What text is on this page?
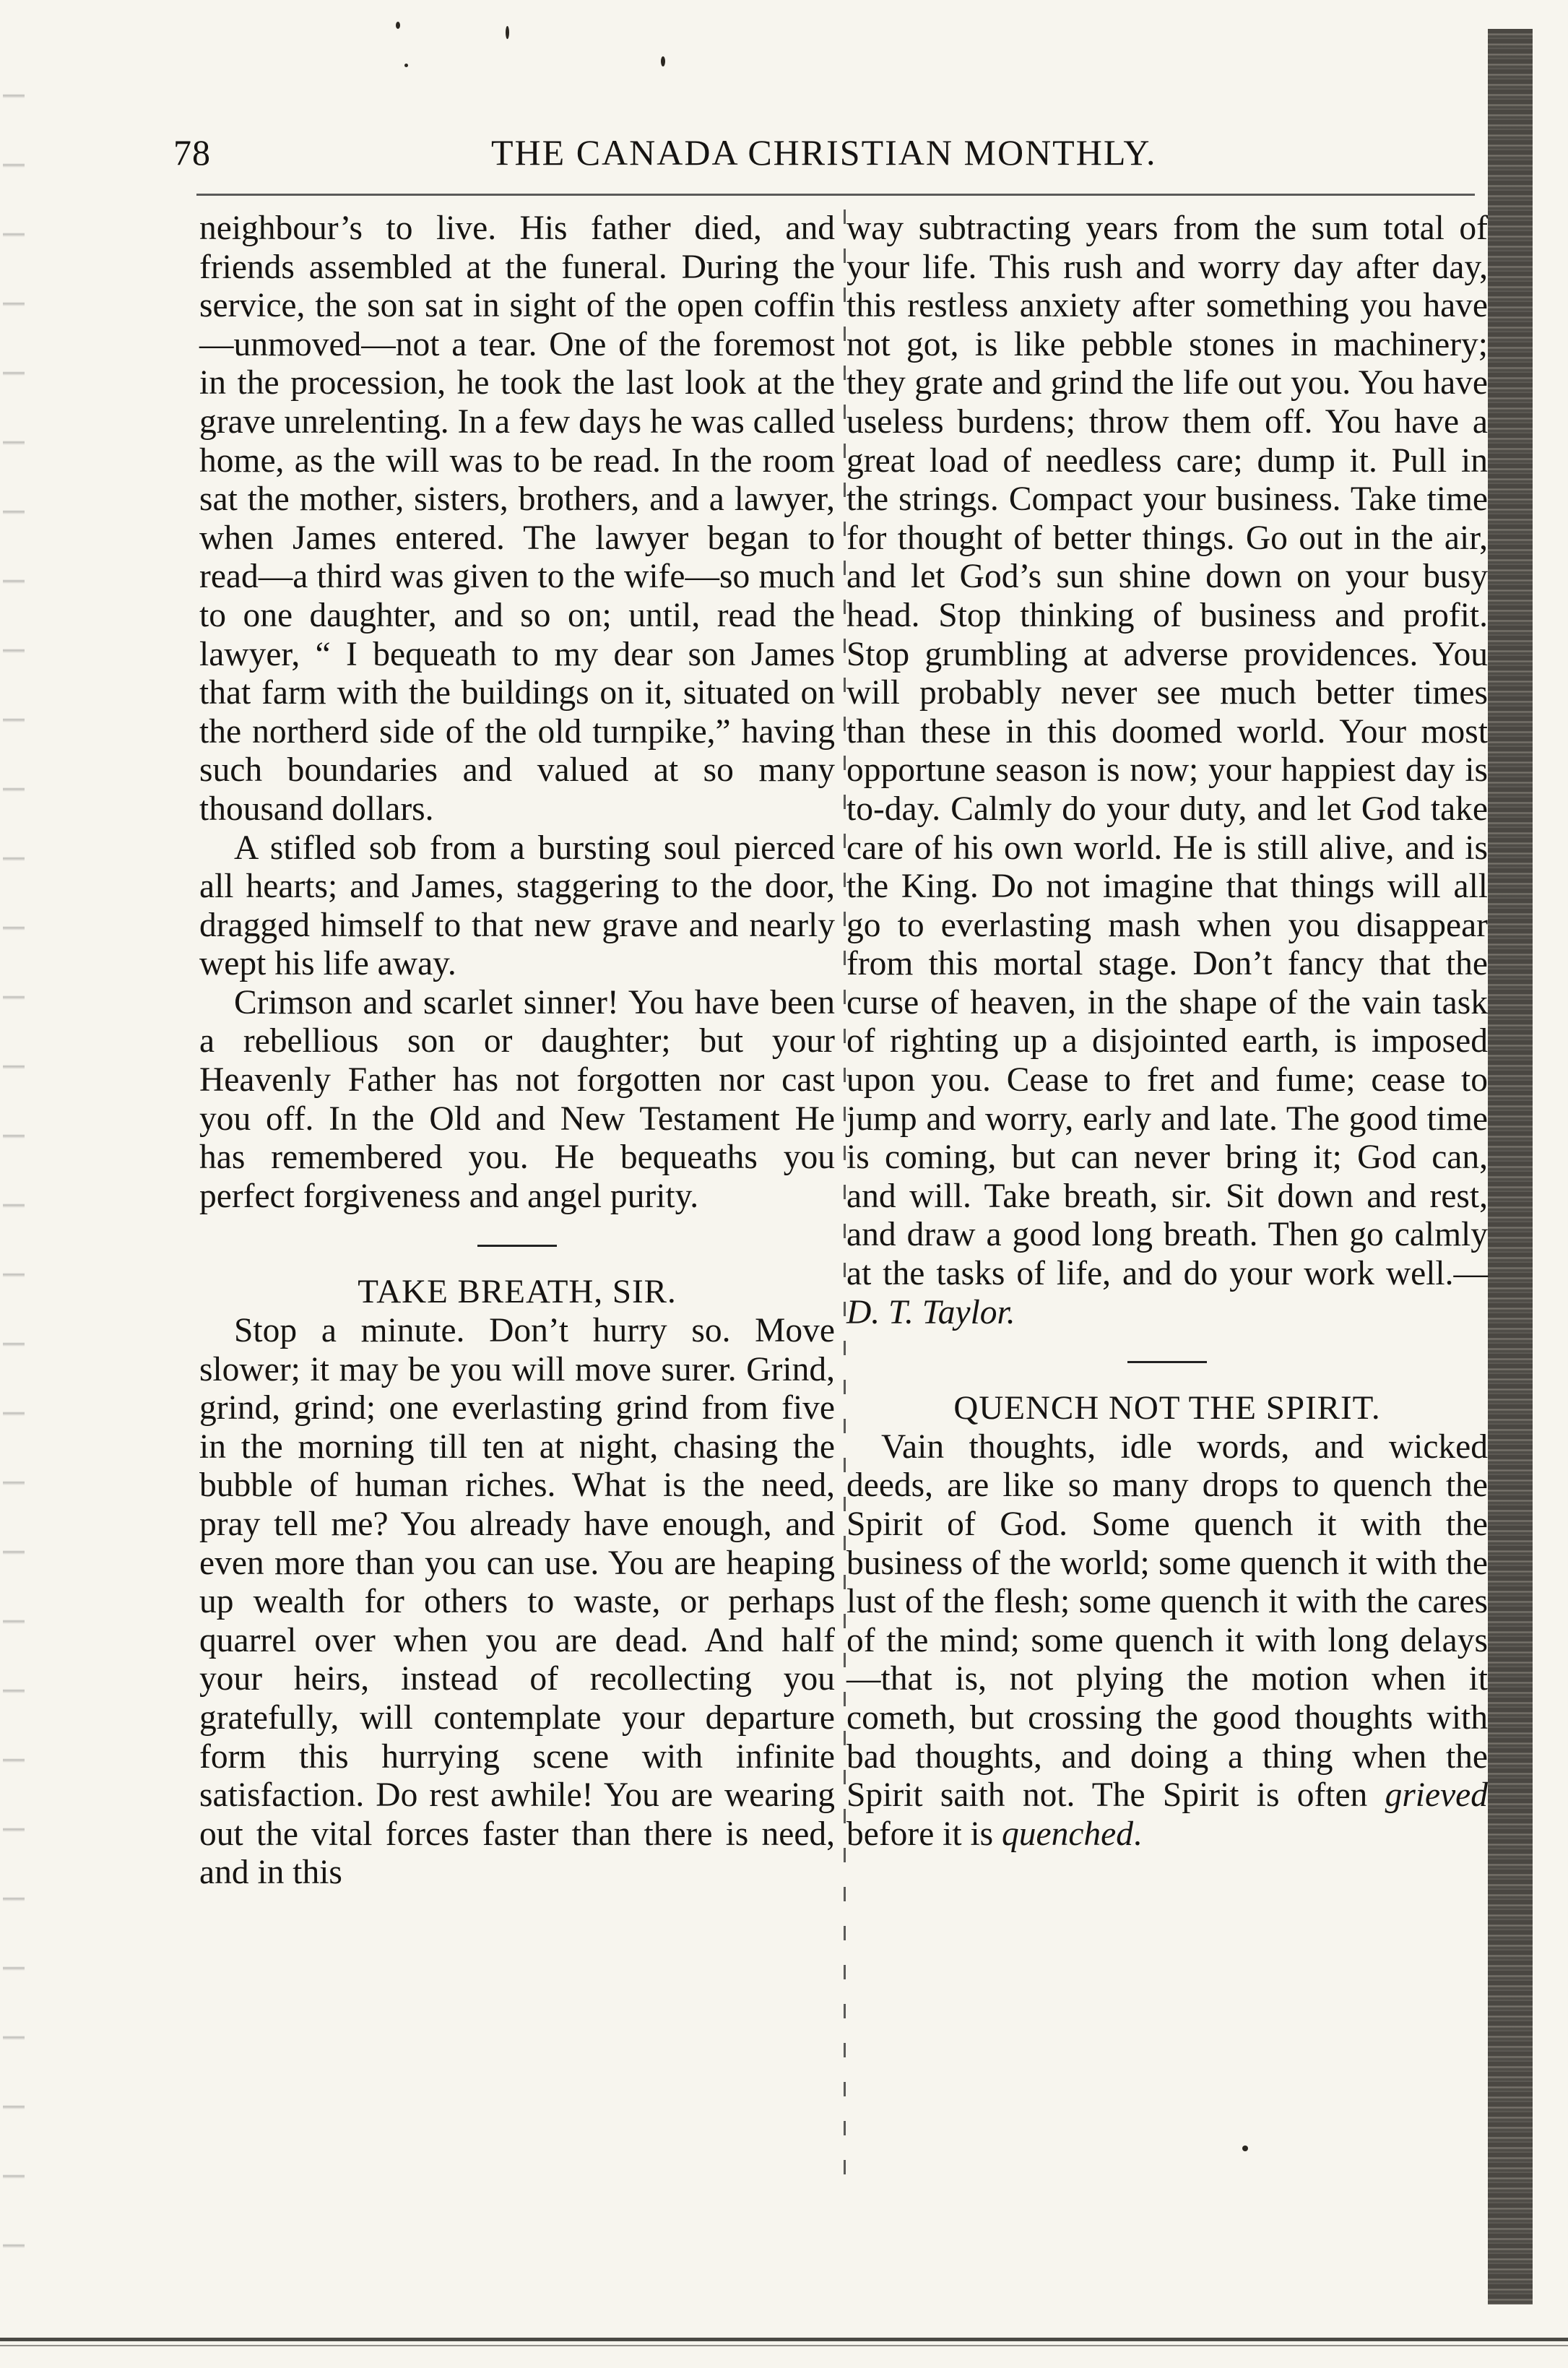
78	THE CANADA CHRISTIAN MONTHLY.

neighbour’s to live. His father died, and friends assembled at the funeral. During the service, the son sat in sight of the open coffin—unmoved—not a tear. One of the foremost in the procession, he took the last look at the grave unrelenting. In a few days he was called home, as the will was to be read. In the room sat the mother, sisters, brothers, and a lawyer, when James entered. The lawyer began to read—a third was given to the wife—so much to one daughter, and so on; until, read the lawyer, “ I bequeath to my dear son James that farm with the buildings on it, situated on the northerd side of the old turnpike,” having such boundaries and valued at so many thousand dollars.

A stifled sob from a bursting soul pierced all hearts; and James, staggering to the door, dragged himself to that new grave and nearly wept his life away.

Crimson and scarlet sinner! You have been a rebellious son or daughter; but your Heavenly Father has not forgotten nor cast you off. In the Old and New Testament He has remembered you. He bequeaths you perfect forgiveness and angel purity.

TAKE BREATH, SIR.

Stop a minute. Don’t hurry so. Move slower; it may be you will move surer. Grind, grind, grind; one everlasting grind from five in the morning till ten at night, chasing the bubble of human riches. What is the need, pray tell me? You already have enough, and even more than you can use. You are heaping up wealth for others to waste, or perhaps quarrel over when you are dead. And half your heirs, instead of recollecting you gratefully, will contemplate your departure form this hurrying scene with infinite satisfaction. Do rest awhile! You are wearing out the vital forces faster than there is need, and in this

way subtracting years from the sum total of your life. This rush and worry day after day, this restless anxiety after something you have not got, is like pebble stones in machinery; they grate and grind the life out you. You have useless burdens; throw them off. You have a great load of needless care; dump it. Pull in the strings. Compact your business. Take time for thought of better things. Go out in the air, and let God’s sun shine down on your busy head. Stop thinking of business and profit. Stop grumbling at adverse providences. You will probably never see much better times than these in this doomed world. Your most opportune season is now; your happiest day is to-day. Calmly do your duty, and let God take care of his own world. He is still alive, and is the King. Do not imagine that things will all go to everlasting mash when you disappear from this mortal stage. Don’t fancy that the curse of heaven, in the shape of the vain task of righting up a disjointed earth, is imposed upon you. Cease to fret and fume; cease to jump and worry, early and late. The good time is coming, but can never bring it; God can, and will. Take breath, sir. Sit down and rest, and draw a good long breath. Then go calmly at the tasks of life, and do your work well.—D. T. Taylor.

QUENCH NOT THE SPIRIT.

Vain thoughts, idle words, and wicked deeds, are like so many drops to quench the Spirit of God. Some quench it with the business of the world; some quench it with the lust of the flesh; some quench it with the cares of the mind; some quench it with long delays—that is, not plying the motion when it cometh, but crossing the good thoughts with bad thoughts, and doing a thing when the Spirit saith not. The Spirit is often grieved before it is quenched.
